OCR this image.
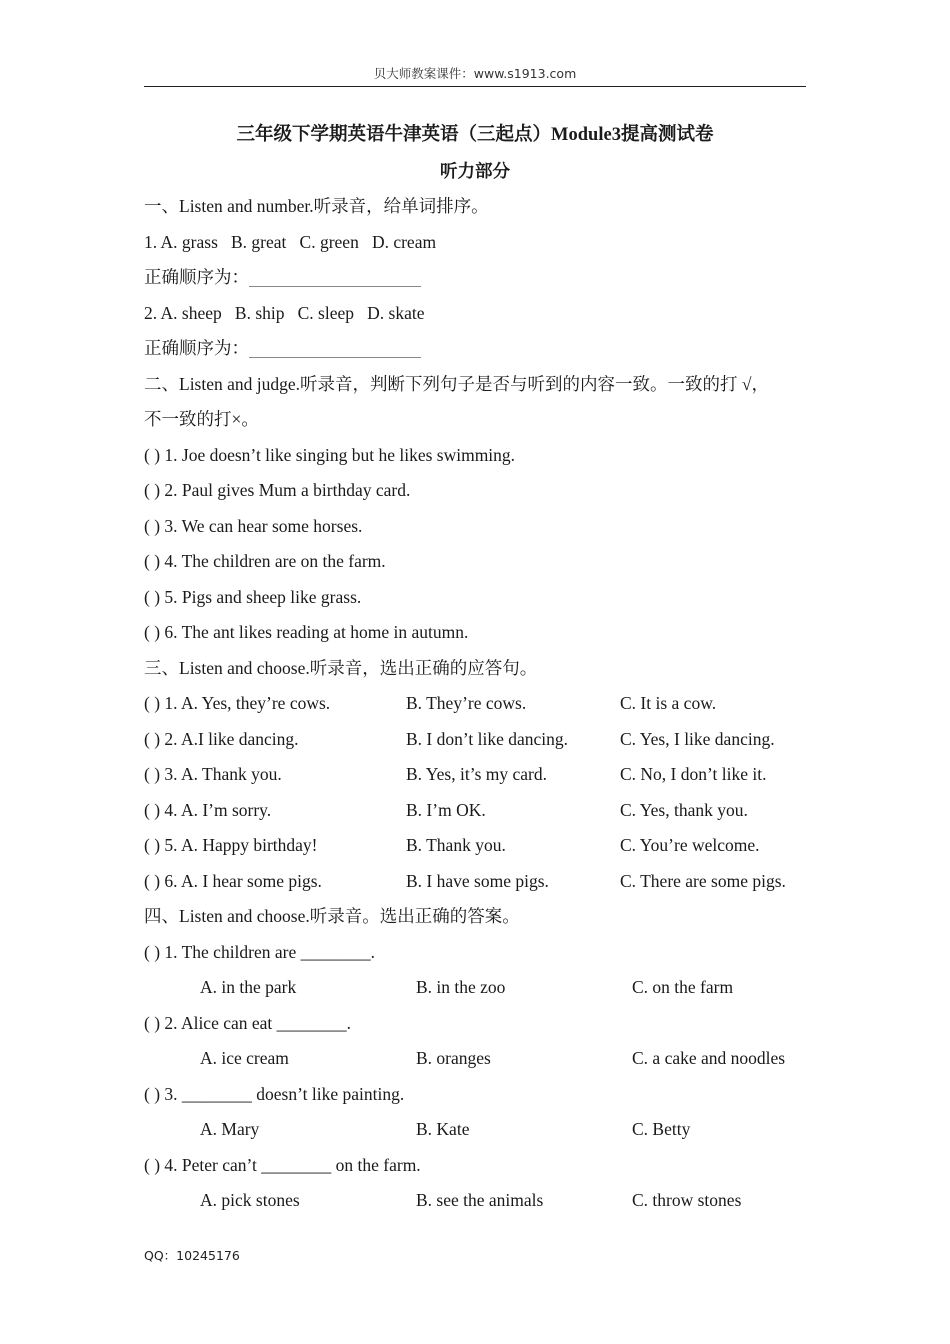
贝大师教案课件：www.s1913.com
三年级下学期英语牛津英语（三起点）Module3提高测试卷
听力部分
一、Listen and number.听录音，给单词排序。
1. A. grass   B. great   C. green   D. cream
正确顺序为：
2. A. sheep   B. ship   C. sleep   D. skate
正确顺序为：
二、Listen and judge.听录音，判断下列句子是否与听到的内容一致。一致的打 √，
不一致的打×。
( ) 1. Joe doesn’t like singing but he likes swimming.
( ) 2. Paul gives Mum a birthday card.
( ) 3. We can hear some horses.
( ) 4. The children are on the farm.
( ) 5. Pigs and sheep like grass.
( ) 6. The ant likes reading at home in autumn.
三、Listen and choose.听录音，选出正确的应答句。
( ) 1. A. Yes, they’re cows.	B. They’re cows.	C. It is a cow.
( ) 2. A.I like dancing.	B. I don’t like dancing.	C. Yes, I like dancing.
( ) 3. A. Thank you.	B. Yes, it’s my card.	C. No, I don’t like it.
( ) 4. A. I’m sorry.	B. I’m OK.	C. Yes, thank you.
( ) 5. A. Happy birthday!	B. Thank you.	C. You’re welcome.
( ) 6. A. I hear some pigs.	B. I have some pigs.	C. There are some pigs.
四、Listen and choose.听录音。选出正确的答案。
( ) 1. The children are ________.
A. in the park	B. in the zoo	C. on the farm
( ) 2. Alice can eat ________.
A. ice cream	B. oranges	C. a cake and noodles
( ) 3. ________ doesn’t like painting.
A. Mary	B. Kate	C. Betty
( ) 4. Peter can’t ________ on the farm.
A. pick stones	B. see the animals	C. throw stones
QQ：10245176
